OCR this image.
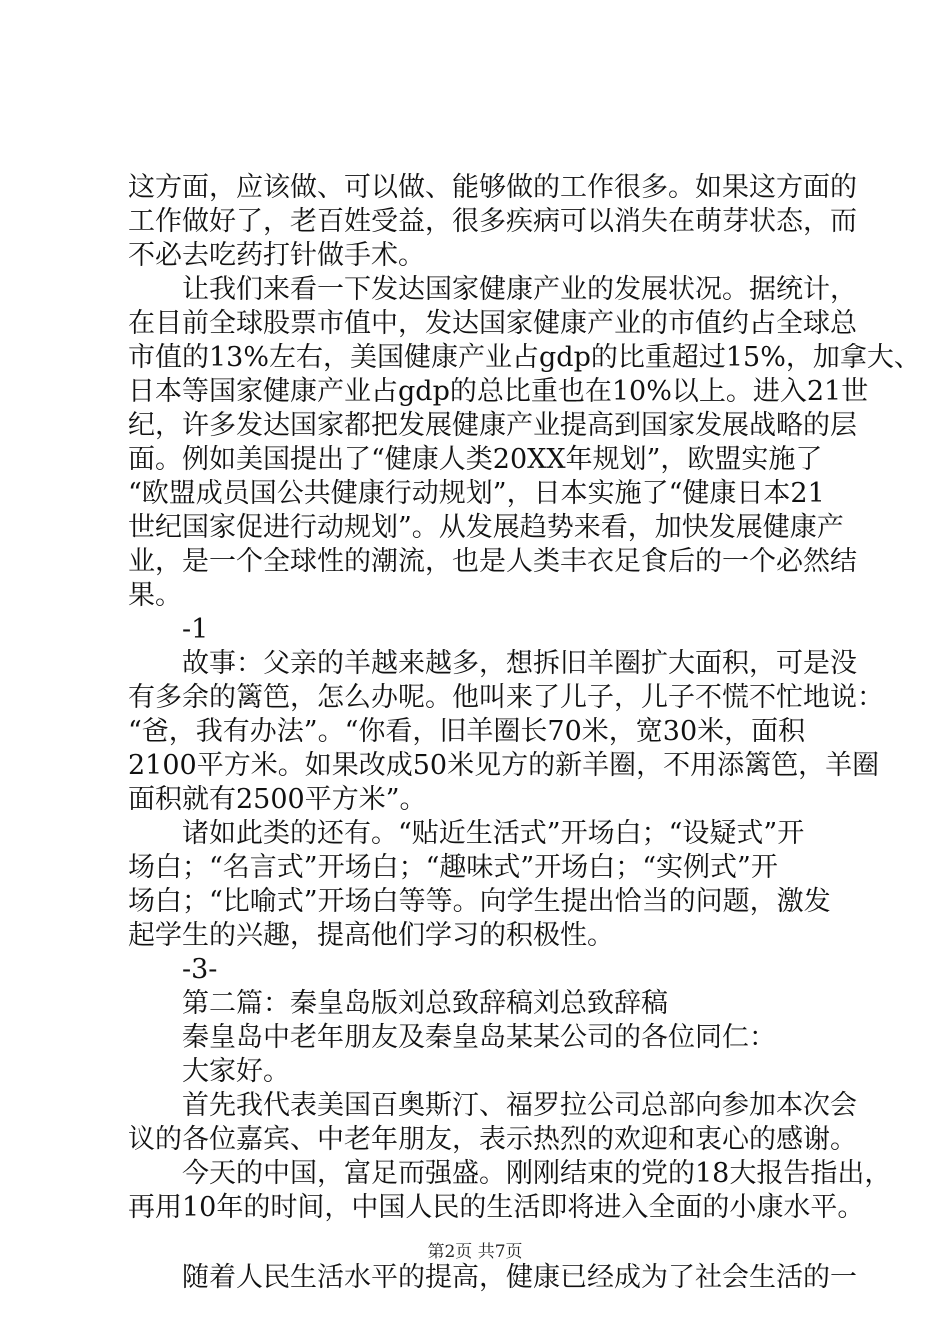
这方面，应该做、可以做、能够做的工作很多。如果这方面的
工作做好了，老百姓受益，很多疾病可以消失在萌芽状态，而
不必去吃药打针做手术。
让我们来看一下发达国家健康产业的发展状况。据统计，
在目前全球股票市值中，发达国家健康产业的市值约占全球总
市值的13%左右，美国健康产业占gdp的比重超过15%，加拿大、
日本等国家健康产业占gdp的总比重也在10%以上。进入21世
纪，许多发达国家都把发展健康产业提高到国家发展战略的层
面。例如美国提出了“健康人类20XX年规划”，欧盟实施了
“欧盟成员国公共健康行动规划”，日本实施了“健康日本21
世纪国家促进行动规划”。从发展趋势来看，加快发展健康产
业，是一个全球性的潮流，也是人类丰衣足食后的一个必然结
果。
-1
故事：父亲的羊越来越多，想拆旧羊圈扩大面积，可是没
有多余的篱笆，怎么办呢。他叫来了儿子，儿子不慌不忙地说：
“爸，我有办法”。“你看，旧羊圈长70米，宽30米，面积
2100平方米。如果改成50米见方的新羊圈，不用添篱笆，羊圈
面积就有2500平方米”。
诸如此类的还有。“贴近生活式”开场白；“设疑式”开
场白；“名言式”开场白；“趣味式”开场白；“实例式”开
场白；“比喻式”开场白等等。向学生提出恰当的问题，激发
起学生的兴趣，提高他们学习的积极性。
-3-
第二篇：秦皇岛版刘总致辞稿刘总致辞稿
秦皇岛中老年朋友及秦皇岛某某公司的各位同仁：
大家好。
首先我代表美国百奥斯汀、福罗拉公司总部向参加本次会
议的各位嘉宾、中老年朋友，表示热烈的欢迎和衷心的感谢。
今天的中国，富足而强盛。刚刚结束的党的18大报告指出，
再用10年的时间，中国人民的生活即将进入全面的小康水平。
随着人民生活水平的提高，健康已经成为了社会生活的一
第2页 共7页
